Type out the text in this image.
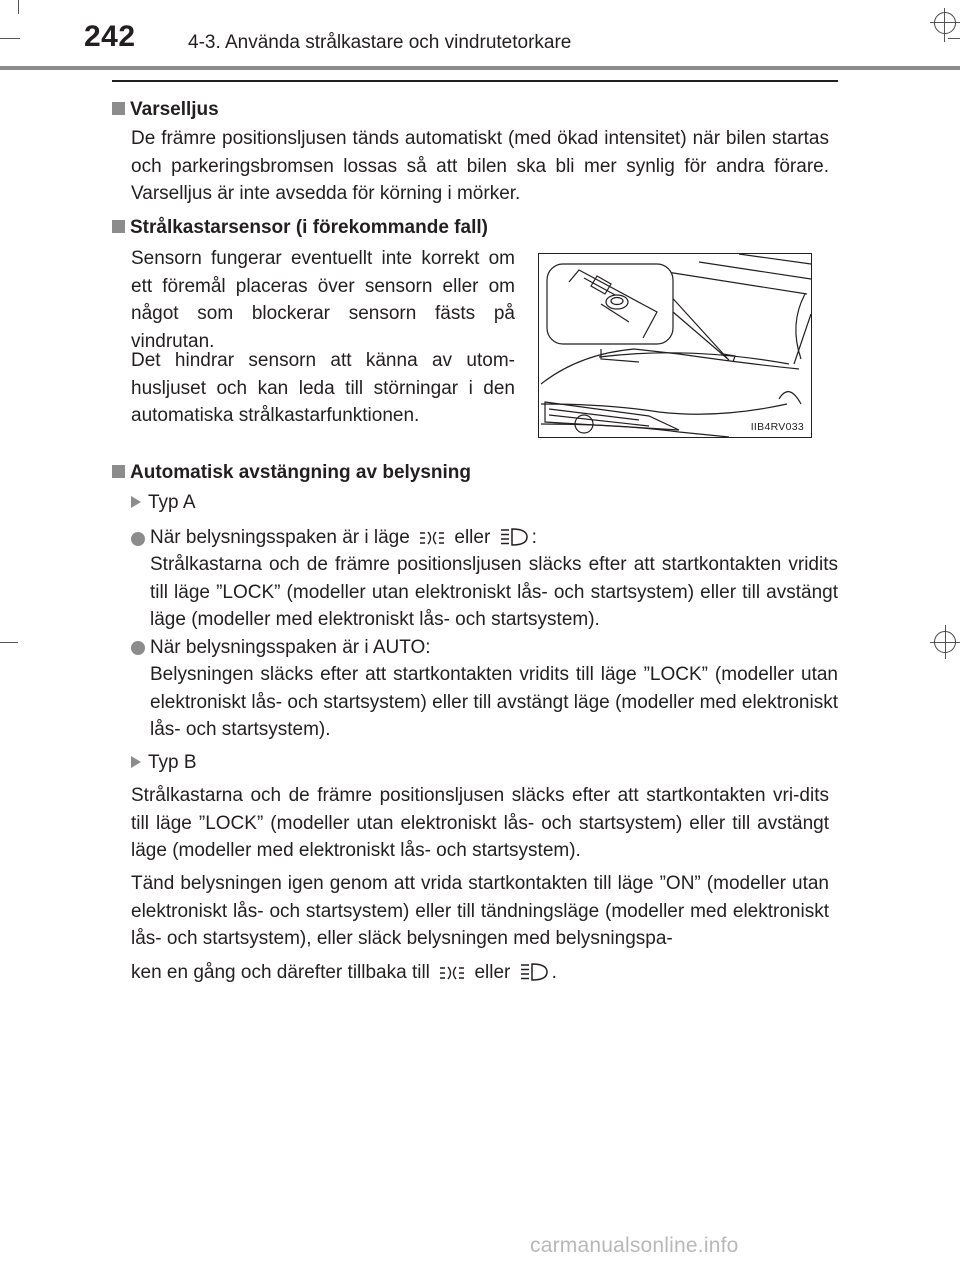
242	4-3. Använda strålkastare och vindrutetorkare
Varselljus
De främre positionsljusen tänds automatiskt (med ökad intensitet) när bilen startas och parkeringsbromsen lossas så att bilen ska bli mer synlig för andra förare. Varselljus är inte avsedda för körning i mörker.
Strålkastarsensor (i förekommande fall)
Sensorn fungerar eventuellt inte korrekt om ett föremål placeras över sensorn eller om något som blockerar sensorn fästs på vindrutan.
Det hindrar sensorn att känna av utom-husljuset och kan leda till störningar i den automatiska strålkastarfunktionen.
IIB4RV033
Automatisk avstängning av belysning
Typ A
När belysningsspaken är i läge eller :
Strålkastarna och de främre positionsljusen släcks efter att startkontakten vridits till läge ”LOCK” (modeller utan elektroniskt lås- och startsystem) eller till avstängt läge (modeller med elektroniskt lås- och startsystem).
När belysningsspaken är i AUTO:
Belysningen släcks efter att startkontakten vridits till läge ”LOCK” (modeller utan elektroniskt lås- och startsystem) eller till avstängt läge (modeller med elektroniskt lås- och startsystem).
Typ B
Strålkastarna och de främre positionsljusen släcks efter att startkontakten vri-dits till läge ”LOCK” (modeller utan elektroniskt lås- och startsystem) eller till avstängt läge (modeller med elektroniskt lås- och startsystem).
Tänd belysningen igen genom att vrida startkontakten till läge ”ON” (modeller utan elektroniskt lås- och startsystem) eller till tändningsläge (modeller med elektroniskt lås- och startsystem), eller släck belysningen med belysningspa-
ken en gång och därefter tillbaka till eller .
carmanualsonline.info
